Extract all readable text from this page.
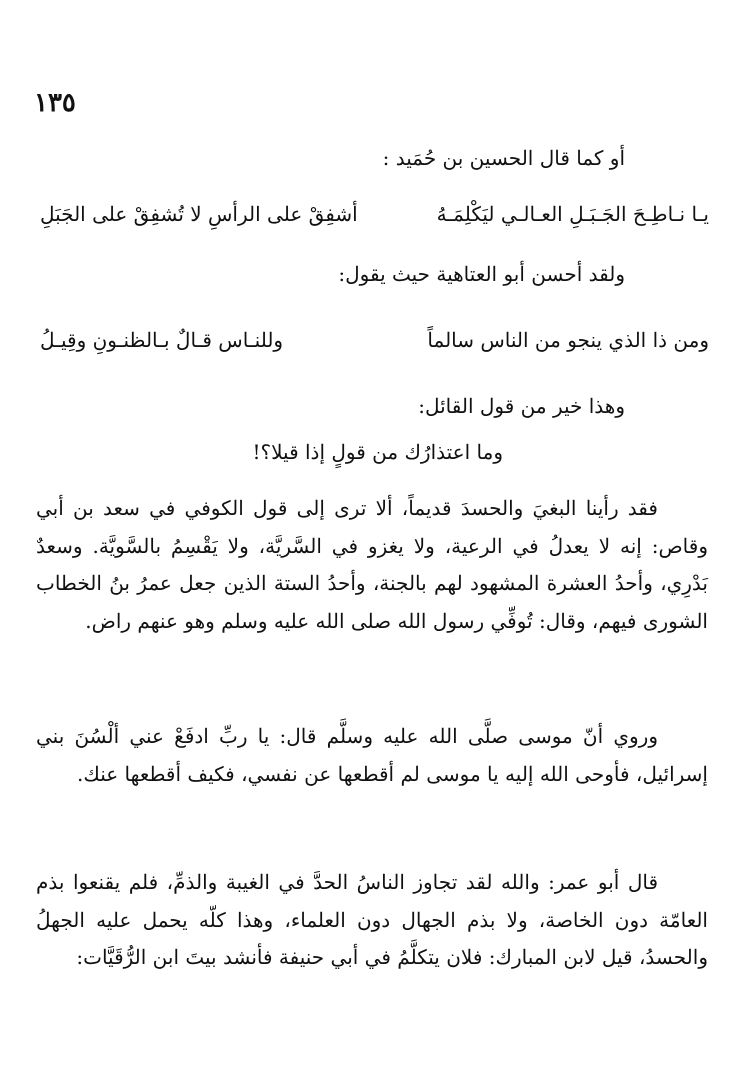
١٣٥
أو كما قال الحسين بن حُمَيد :
يـا نـاطِـحَ الجَـبَـلِ العـالـي ليَكْلِمَـهُ
أشفِقْ على الرأسِ لا تُشفِقْ على الجَبَلِ
ولقد أحسن أبو العتاهية حيث يقول:
ومن ذا الذي ينجو من الناس سالماً
وللنـاس قـالٌ بـالظنـونِ وقِيـلُ
وهذا خير من قول القائل:
وما اعتذارُك من قولٍ إذا قيلا؟!
فقد رأينا البغيَ والحسدَ قديماً، ألا ترى إلى قول الكوفي في سعد بن أبي وقاص: إنه لا يعدلُ في الرعية، ولا يغزو في السَّريَّة، ولا يَقْسِمُ بالسَّويَّة. وسعدٌ بَدْرِي، وأحدُ العشرة المشهود لهم بالجنة، وأحدُ الستة الذين جعل عمرُ بنُ الخطاب الشورى فيهم، وقال: تُوفِّي رسول الله صلى الله عليه وسلم وهو عنهم راض.
وروي أنّ موسى صلَّى الله عليه وسلَّم قال: يا ربِّ ادفَعْ عني ألْسُنَ بني إسرائيل، فأوحى الله إليه يا موسى لم أقطعها عن نفسي، فكيف أقطعها عنك.
قال أبو عمر: والله لقد تجاوز الناسُ الحدَّ في الغيبة والذمِّ، فلم يقنعوا بذم العامّة دون الخاصة، ولا بذم الجهال دون العلماء، وهذا كلّه يحمل عليه الجهلُ والحسدُ، قيل لابن المبارك: فلان يتكلَّمُ في أبي حنيفة فأنشد بيتَ ابن الرُّقَيَّات:
